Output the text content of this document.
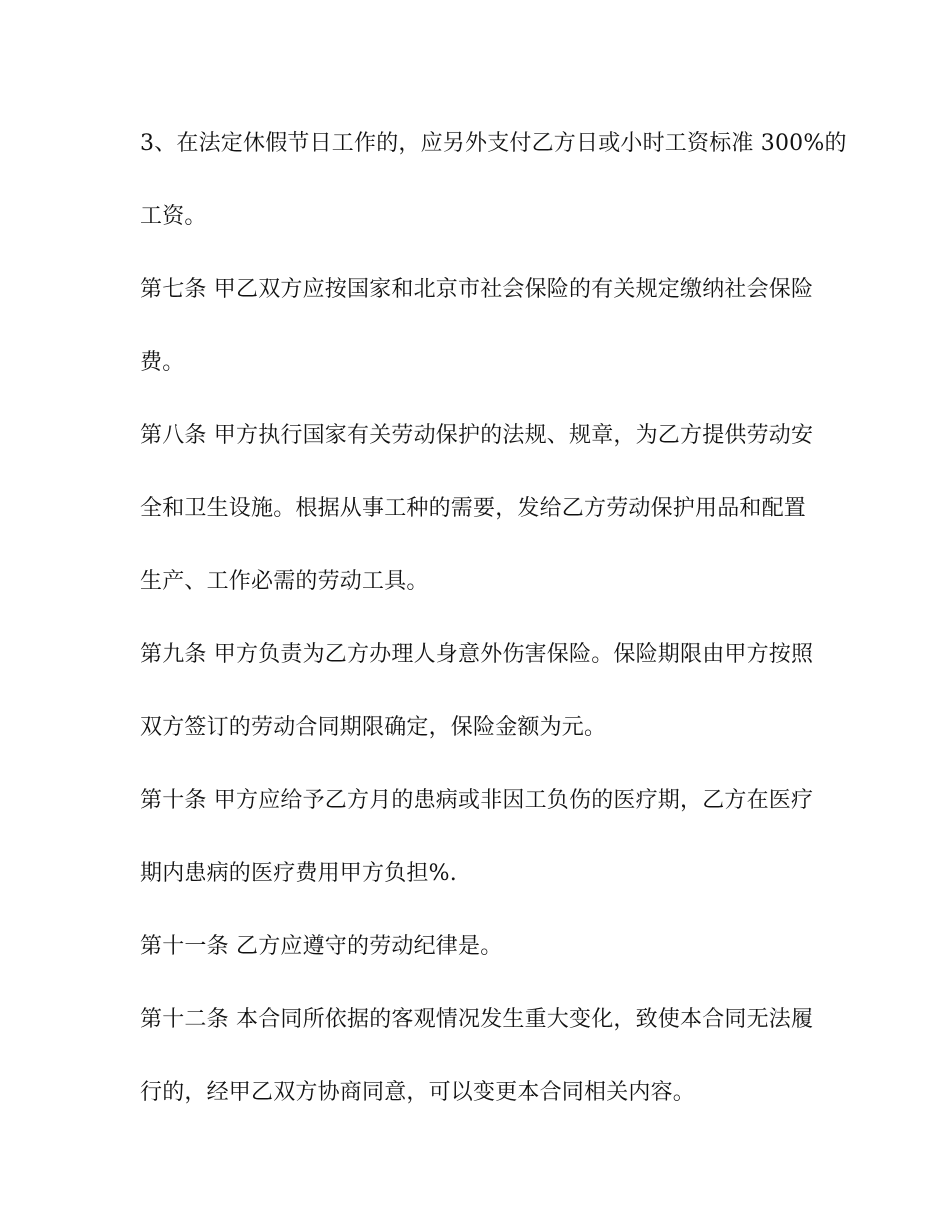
3、在法定休假节日工作的，应另外支付乙方日或小时工资标准 300%的
工资。
第七条 甲乙双方应按国家和北京市社会保险的有关规定缴纳社会保险
费。
第八条 甲方执行国家有关劳动保护的法规、规章，为乙方提供劳动安
全和卫生设施。根据从事工种的需要，发给乙方劳动保护用品和配置
生产、工作必需的劳动工具。
第九条 甲方负责为乙方办理人身意外伤害保险。保险期限由甲方按照
双方签订的劳动合同期限确定，保险金额为元。
第十条 甲方应给予乙方月的患病或非因工负伤的医疗期，乙方在医疗
期内患病的医疗费用甲方负担%.
第十一条 乙方应遵守的劳动纪律是。
第十二条 本合同所依据的客观情况发生重大变化，致使本合同无法履
行的，经甲乙双方协商同意，可以变更本合同相关内容。
